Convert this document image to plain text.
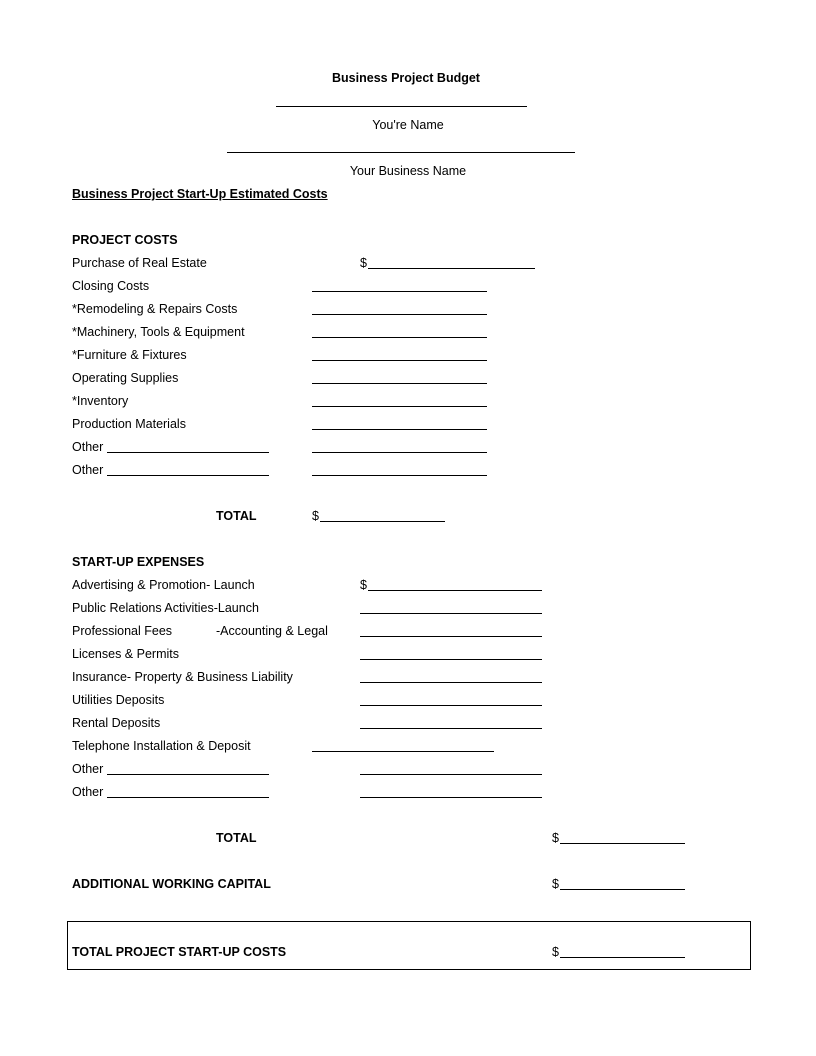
Business Project Budget
You're Name
Your Business Name
Business Project Start-Up Estimated Costs
PROJECT COSTS
Purchase of Real Estate	$
Closing Costs
*Remodeling & Repairs Costs
*Machinery, Tools & Equipment
*Furniture & Fixtures
Operating Supplies
*Inventory
Production Materials
Other
Other
TOTAL	$
START-UP EXPENSES
Advertising & Promotion- Launch	$
Public Relations Activities-Launch
Professional Fees	-Accounting & Legal
Licenses & Permits
Insurance- Property & Business Liability
Utilities Deposits
Rental Deposits
Telephone Installation & Deposit
Other
Other
TOTAL	$
ADDITIONAL WORKING CAPITAL	$
TOTAL PROJECT START-UP COSTS	$
